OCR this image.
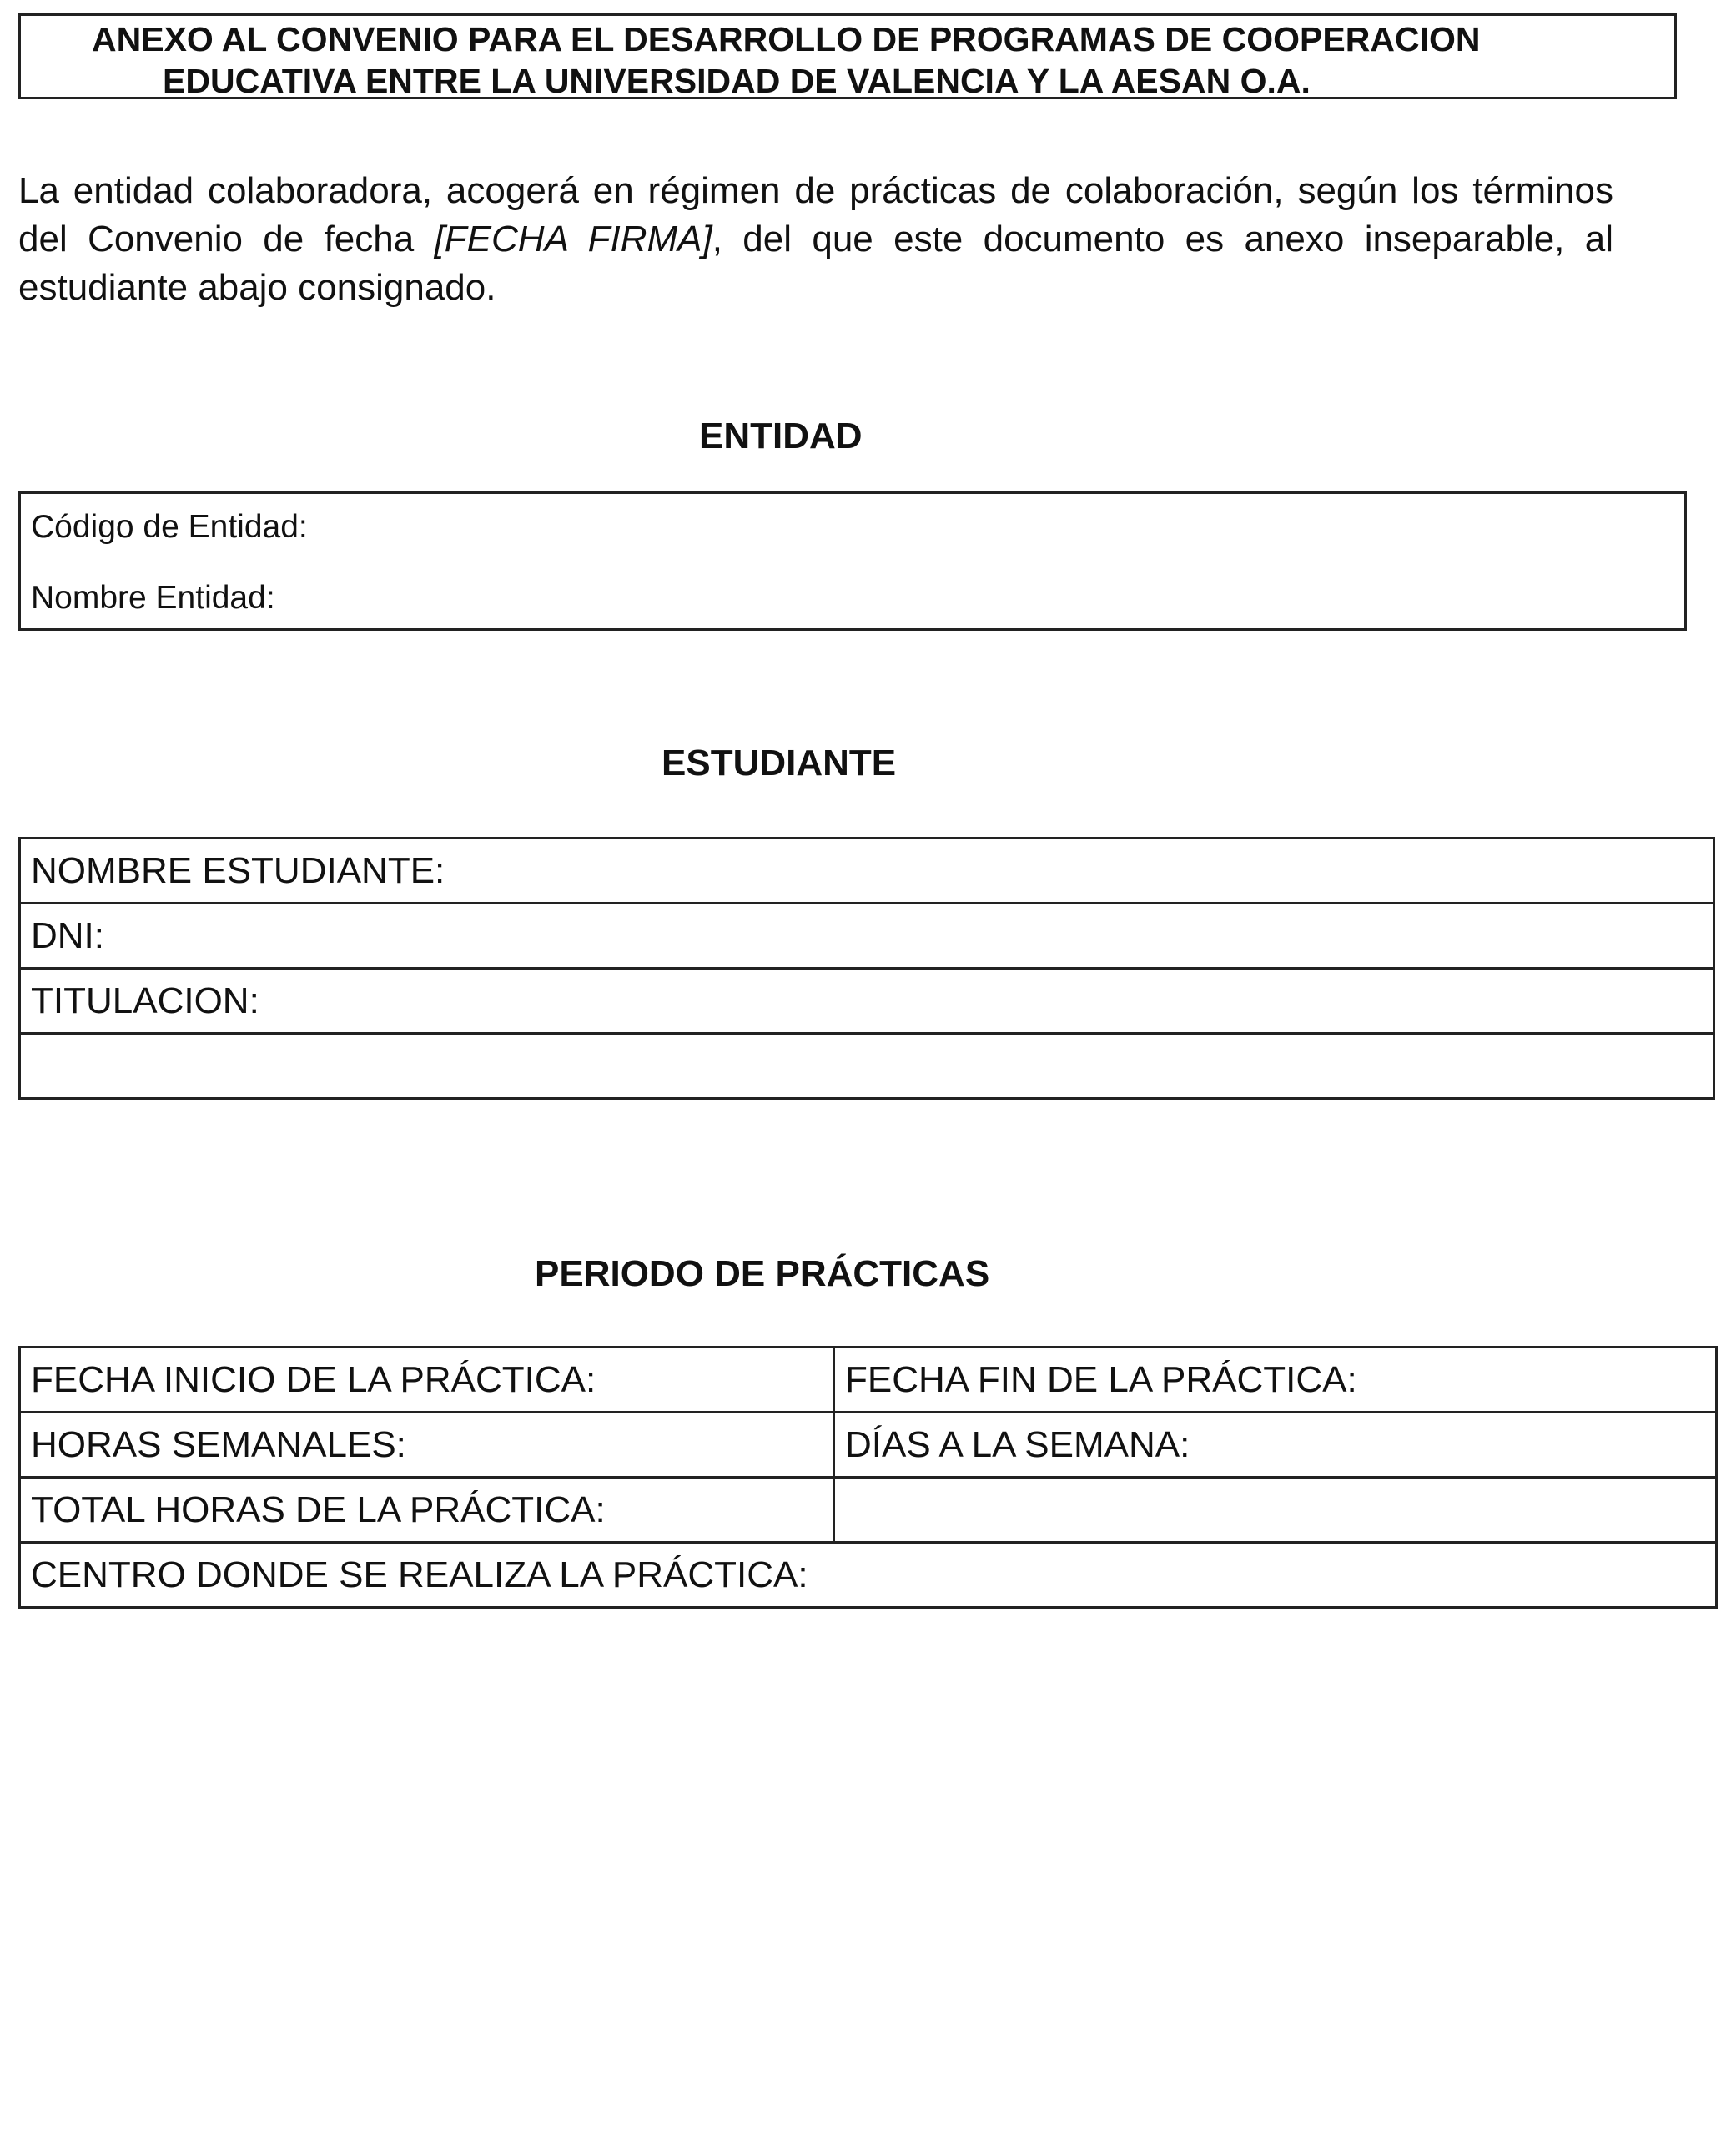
ANEXO AL CONVENIO PARA EL DESARROLLO DE PROGRAMAS DE COOPERACION
EDUCATIVA ENTRE LA UNIVERSIDAD DE VALENCIA Y LA AESAN O.A.

La entidad colaboradora, acogerá en régimen de prácticas de colaboración, según los términos del Convenio de fecha [FECHA FIRMA], del que este documento es anexo inseparable, al estudiante abajo consignado.

ENTIDAD
Código de Entidad:
Nombre Entidad:
ESTUDIANTE
NOMBRE ESTUDIANTE:
DNI:
TITULACION:

PERIODO DE PRÁCTICAS
FECHA INICIO DE LA PRÁCTICA:	FECHA FIN DE LA PRÁCTICA:
HORAS SEMANALES:	DÍAS A LA SEMANA:
TOTAL HORAS DE LA PRÁCTICA:	
CENTRO DONDE SE REALIZA LA PRÁCTICA:	
